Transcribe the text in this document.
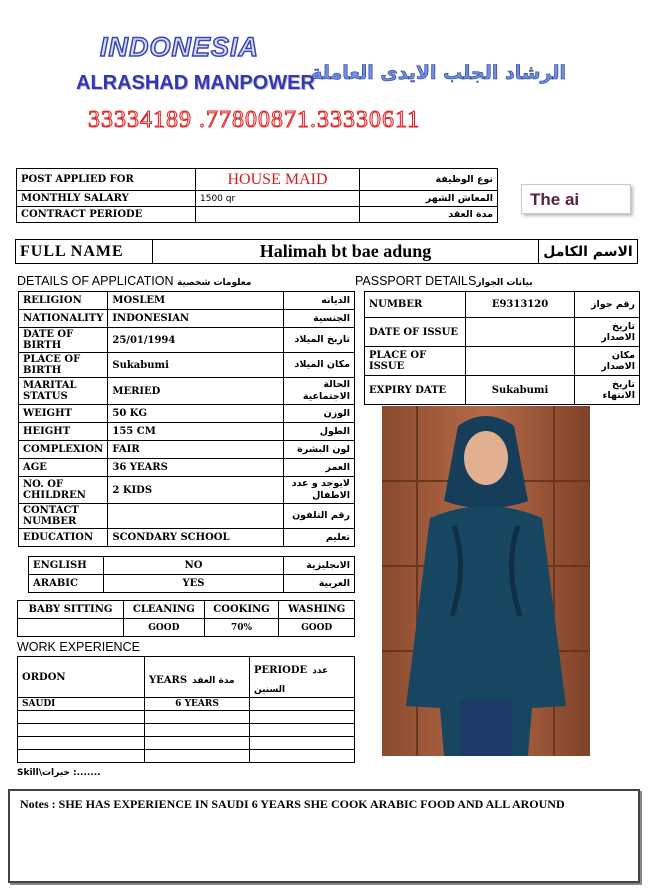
INDONESIA
ALRASHAD MANPOWER
الرشاد الجلب الايدى العاملة
33334189 .77800871.33330611
POST APPLIED FOR	HOUSE MAID	نوع الوظيفة
MONTHLY SALARY	1500 qr	المعاش الشهر
CONTRACT PERIODE		مدة العقد
The ai
FULL NAME	Halimah bt bae adung	الاسم الكامل
DETAILS OF APPLICATION معلومات شخصية	PASSPORT DETAILSبيانات الجواز
RELIGION	MOSLEM	الديانه
NATIONALITY	INDONESIAN	الجنسية
DATE OF BIRTH	25/01/1994	تاريخ الميلاد
PLACE OF BIRTH	Sukabumi	مكان الميلاد
MARITAL STATUS	MERIED	الحالة الاجتماعية
WEIGHT	50 KG	الوزن
HEIGHT	155 CM	الطول
COMPLEXION	FAIR	لون البشرة
AGE	36 YEARS	العمر
NO. OF CHILDREN	2 KIDS	لايوجد و عدد الاطفال
CONTACT NUMBER		رقم التلفون
EDUCATION	SCONDARY SCHOOL	تعليم
ENGLISH	NO	الانجليزية
ARABIC	YES	العربية
BABY SITTING	CLEANING	COOKING	WASHING
	GOOD	70%	GOOD
WORK EXPERIENCE
ORDON	YEARS مدة العقد	PERIODE عدد السنين
SAUDI	6 YEARS	

NUMBER	E9313120	رقم جواز
DATE OF ISSUE		تاريخ الاصدار
PLACE OF ISSUE		مكان الاصدار
EXPIRY DATE	Sukabumi	تاريخ الانتهاء
Skill\خبرات :.......
Notes : SHE HAS EXPERIENCE IN SAUDI 6 YEARS SHE COOK ARABIC FOOD AND ALL AROUND
